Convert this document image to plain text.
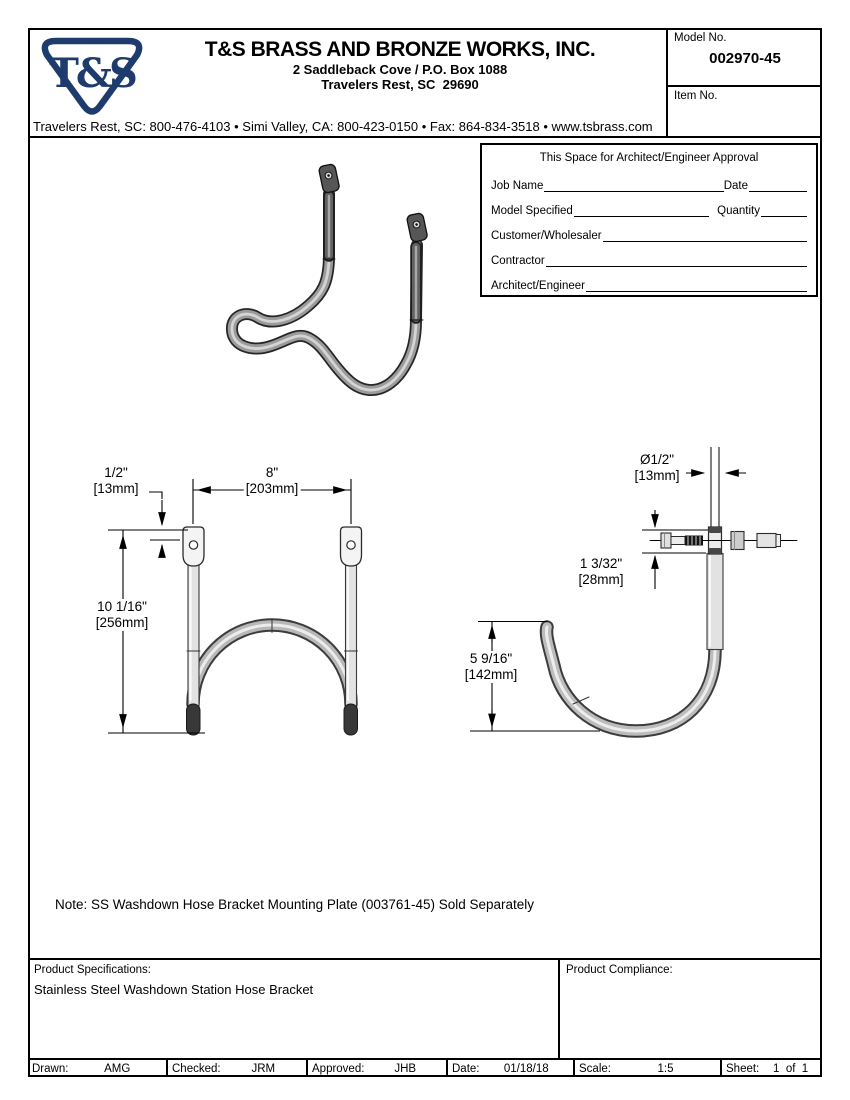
T&S
T&S BRASS AND BRONZE WORKS, INC.
2 Saddleback Cove / P.O. Box 1088
Travelers Rest, SC  29690
Travelers Rest, SC: 800-476-4103 • Simi Valley, CA: 800-423-0150 • Fax: 864-834-3518 • www.tsbrass.com
Model No.
002970-45
Item No.
This Space for Architect/Engineer Approval
Job Name	Date
Model Specified	Quantity
Customer/Wholesaler
Contractor
Architect/Engineer
1/2"
[13mm]
8"
[203mm]
10 1/16"
[256mm]
Ø1/2"
[13mm]
1 3/32"
[28mm]
5 9/16"
[142mm]
Note: SS Washdown Hose Bracket Mounting Plate (003761-45) Sold Separately
Product Specifications:
Stainless Steel Washdown Station Hose Bracket
Product Compliance:
Drawn:	AMG	Checked:	JRM	Approved:	JHB	Date:	01/18/18	Scale:	1:5	Sheet:	1  of  1
